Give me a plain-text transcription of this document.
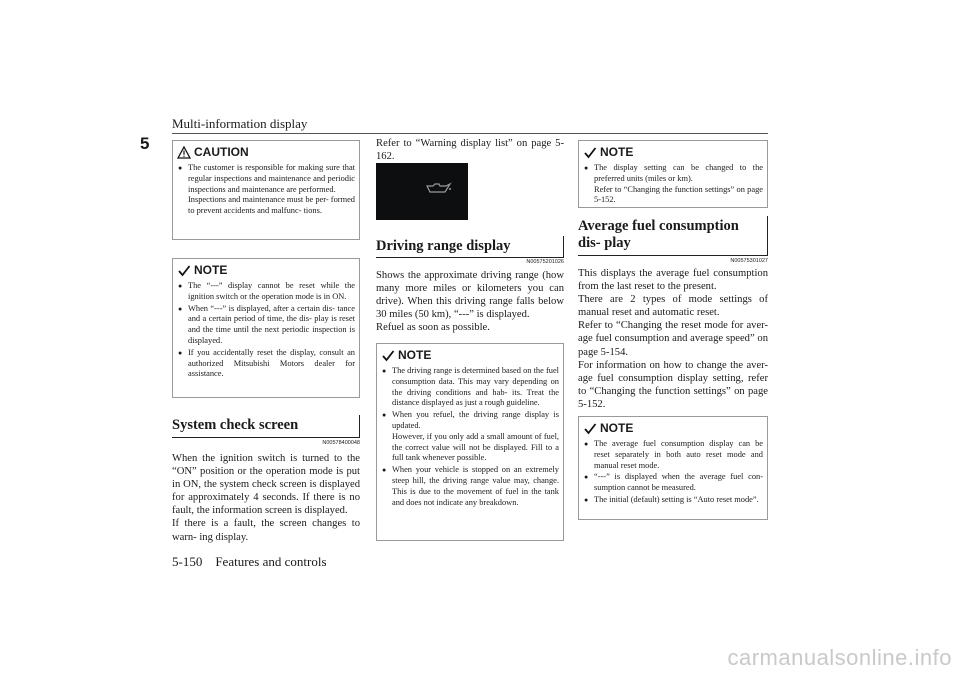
Multi-information display
5	CAUTION
● The customer is responsible for making sure that regular inspections and maintenance and periodic inspections and maintenance are performed.
Inspections and maintenance must be per- formed to prevent accidents and malfunc- tions.
NOTE
● The “---” display cannot be reset while the ignition switch or the operation mode is in ON.
● When “---” is displayed, after a certain dis- tance and a certain period of time, the dis- play is reset and the time until the next periodic inspection is displayed.
● If you accidentally reset the display, consult an authorized Mitsubishi Motors dealer for assistance.
System check screen
N00578400048
When the ignition switch is turned to the “ON” position or the operation mode is put in ON, the system check screen is displayed for approximately 4 seconds. If there is no fault, the information screen is displayed.
If there is a fault, the screen changes to warn- ing display.
Refer to “Warning display list” on page 5-162.
Driving range display
N00575201026
Shows the approximate driving range (how many more miles or kilometers you can drive). When this driving range falls below 30 miles (50 km), “---” is displayed.
Refuel as soon as possible.
NOTE
● The driving range is determined based on the fuel consumption data. This may vary depending on the driving conditions and hab- its. Treat the distance displayed as just a rough guideline.
● When you refuel, the driving range display is updated.
However, if you only add a small amount of fuel, the correct value will not be displayed. Fill to a full tank whenever possible.
● When your vehicle is stopped on an extremely steep hill, the driving range value may, change. This is due to the movement of fuel in the tank and does not indicate any breakdown.
NOTE
● The display setting can be changed to the preferred units (miles or km).
Refer to “Changing the function settings” on page 5-152.
Average fuel consumption dis- play
N00575301027
This displays the average fuel consumption from the last reset to the present.
There are 2 types of mode settings of manual reset and automatic reset.
Refer to “Changing the reset mode for aver- age fuel consumption and average speed” on page 5-154.
For information on how to change the aver- age fuel consumption display setting, refer to “Changing the function settings” on page 5-152.
NOTE
● The average fuel consumption display can be reset separately in both auto reset mode and manual reset mode.
● “---” is displayed when the average fuel con- sumption cannot be measured.
● The initial (default) setting is “Auto reset mode”.
5-150    Features and controls
carmanualsonline.info
